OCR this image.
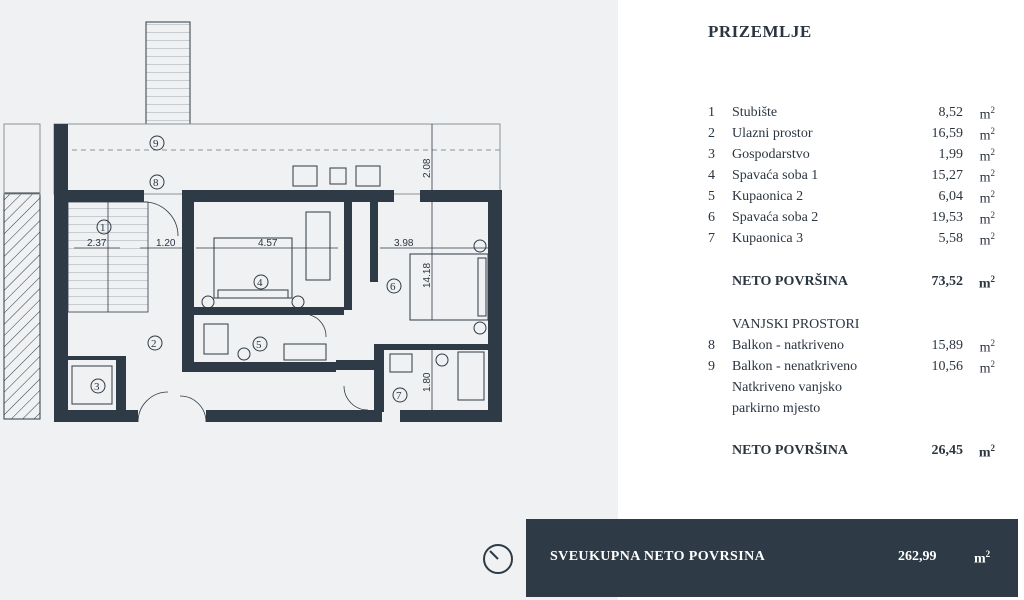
2.37	1.20	4.57	3.98
14.18
2.08
1.80
1
2
3
4
5
6
7
8
9
PRIZEMLJE
1	Stubište	8,52 $m^2$
2	Ulazni prostor	16,59 $m^2$
3	Gospodarstvo	1,99 $m^2$
4	Spavaća soba 1	15,27 $m^2$
5	Kupaonica 2	6,04 $m^2$
6	Spavaća soba 2	19,53 $m^2$
7	Kupaonica 3	5,58 $m^2$
NETO POVRŠINA	73,52 $m^2$
VANJSKI PROSTORI
8	Balkon - natkriveno	15,89 $m^2$
9	Balkon - nenatkriveno	10,56 $m^2$
Natkriveno vanjsko
parkirno mjesto
NETO POVRŠINA	26,45 $m^2$
SVEUKUPNA NETO POVRSINA	262,99	$m^2$
